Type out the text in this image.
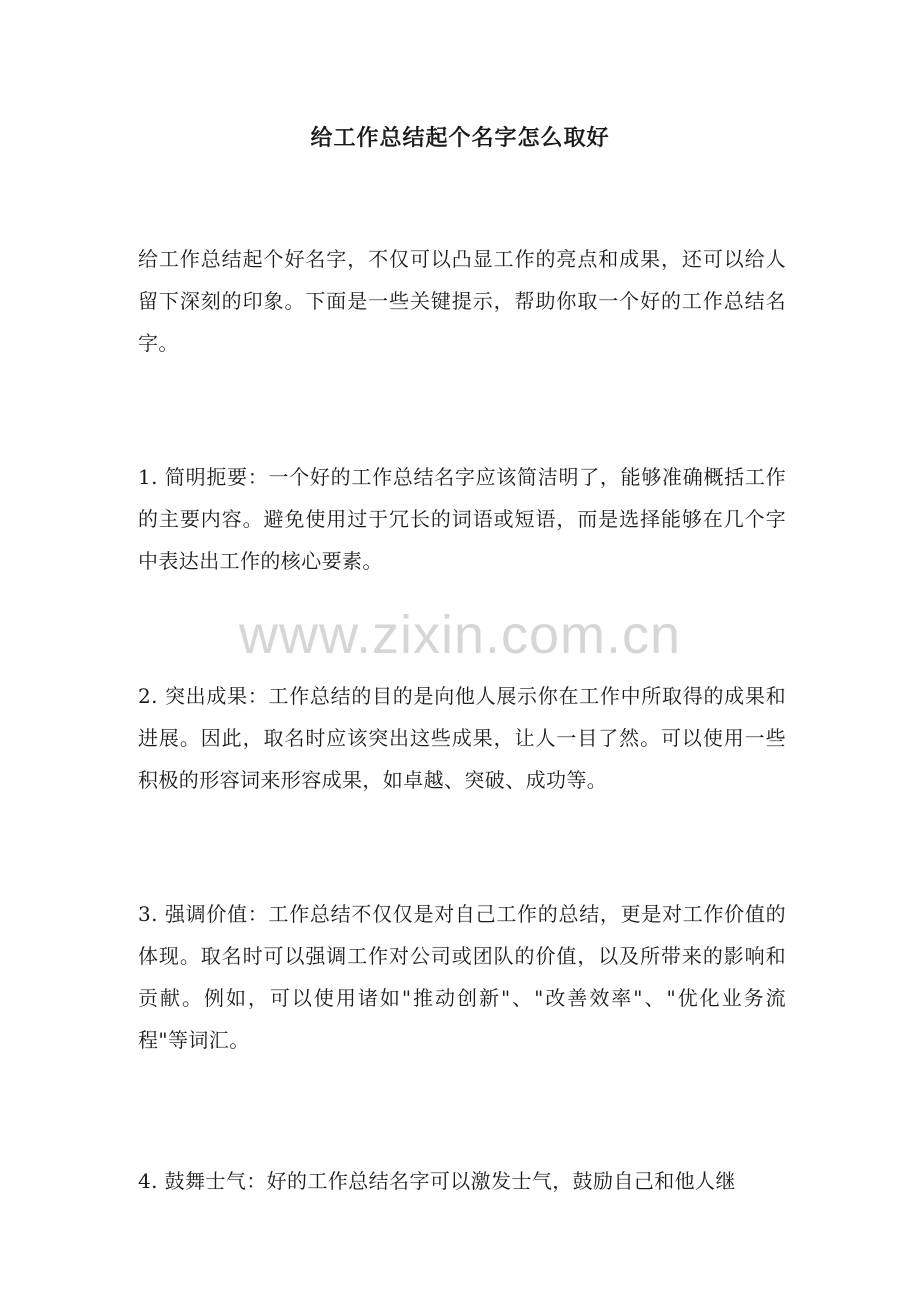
给工作总结起个名字怎么取好

给工作总结起个好名字，不仅可以凸显工作的亮点和成果，还可以给人留下深刻的印象。下面是一些关键提示，帮助你取一个好的工作总结名字。

1. 简明扼要：一个好的工作总结名字应该简洁明了，能够准确概括工作的主要内容。避免使用过于冗长的词语或短语，而是选择能够在几个字中表达出工作的核心要素。

www.zixin.com.cn

2. 突出成果：工作总结的目的是向他人展示你在工作中所取得的成果和进展。因此，取名时应该突出这些成果，让人一目了然。可以使用一些积极的形容词来形容成果，如卓越、突破、成功等。

3. 强调价值：工作总结不仅仅是对自己工作的总结，更是对工作价值的体现。取名时可以强调工作对公司或团队的价值，以及所带来的影响和贡献。例如，可以使用诸如"推动创新"、"改善效率"、"优化业务流程"等词汇。

4. 鼓舞士气：好的工作总结名字可以激发士气，鼓励自己和他人继
